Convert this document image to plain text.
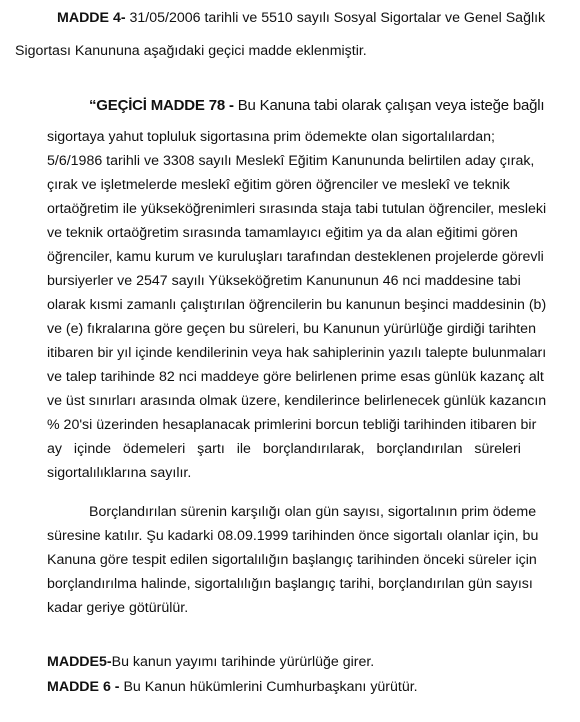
MADDE 4- 31/05/2006 tarihli ve 5510 sayılı Sosyal Sigortalar ve Genel Sağlık
Sigortası Kanununa aşağıdaki geçici madde eklenmiştir.
“GEÇİCİ MADDE 78 - Bu Kanuna tabi olarak çalışan veya isteğe bağlı
sigortaya yahut topluluk sigortasına prim ödemekte olan sigortalılardan;
5/6/1986 tarihli ve 3308 sayılı Meslekî Eğitim Kanununda belirtilen aday çırak,
çırak ve işletmelerde meslekî eğitim gören öğrenciler ve meslekî ve teknik
ortaöğretim ile yükseköğrenimleri sırasında staja tabi tutulan öğrenciler, mesleki
ve teknik ortaöğretim sırasında tamamlayıcı eğitim ya da alan eğitimi gören
öğrenciler, kamu kurum ve kuruluşları tarafından desteklenen projelerde görevli
bursiyerler ve 2547 sayılı Yükseköğretim Kanununun 46 nci maddesine tabi
olarak kısmi zamanlı çalıştırılan öğrencilerin bu kanunun beşinci maddesinin (b)
ve (e) fıkralarına göre geçen bu süreleri, bu Kanunun yürürlüğe girdiği tarihten
itibaren bir yıl içinde kendilerinin veya hak sahiplerinin yazılı talepte bulunmaları
ve talep tarihinde 82 nci maddeye göre belirlenen prime esas günlük kazanç alt
ve üst sınırları arasında olmak üzere, kendilerince belirlenecek günlük kazancın
% 20'si üzerinden hesaplanacak primlerini borcun tebliği tarihinden itibaren bir
ay içinde ödemeleri şartı ile borçlandırılarak, borçlandırılan süreleri
sigortalılıklarına sayılır.
Borçlandırılan sürenin karşılığı olan gün sayısı, sigortalının prim ödeme
süresine katılır. Şu kadarki 08.09.1999 tarihinden önce sigortalı olanlar için, bu
Kanuna göre tespit edilen sigortalılığın başlangıç tarihinden önceki süreler için
borçlandırılma halinde, sigortalılığın başlangıç tarihi, borçlandırılan gün sayısı
kadar geriye götürülür.
MADDE5-Bu kanun yayımı tarihinde yürürlüğe girer.
MADDE 6 - Bu Kanun hükümlerini Cumhurbaşkanı yürütür.
